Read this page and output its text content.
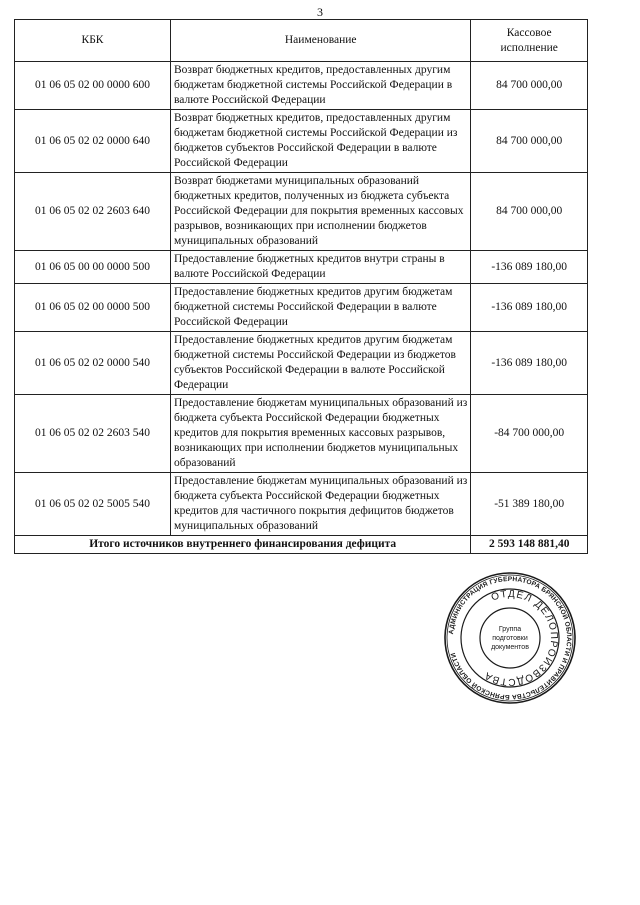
3
КБК	Наименование	Кассовое
исполнение

01 06 05 02 00 0000 600	Возврат бюджетных кредитов, предоставленных другим бюджетам бюджетной системы Российской Федерации в валюте Российской Федерации	84 700 000,00
01 06 05 02 02 0000 640	Возврат бюджетных кредитов, предоставленных другим бюджетам бюджетной системы Российской Федерации из бюджетов субъектов Российской Федерации в валюте Российской Федерации	84 700 000,00
01 06 05 02 02 2603 640	Возврат бюджетами муниципальных образований бюджетных кредитов, полученных из бюджета субъекта Российской Федерации для покрытия временных кассовых разрывов, возникающих при исполнении бюджетов муниципальных образований	84 700 000,00
01 06 05 00 00 0000 500	Предоставление бюджетных кредитов внутри страны в валюте Российской Федерации	-136 089 180,00
01 06 05 02 00 0000 500	Предоставление бюджетных кредитов другим бюджетам бюджетной системы Российской Федерации в валюте Российской Федерации	-136 089 180,00
01 06 05 02 02 0000 540	Предоставление бюджетных кредитов другим бюджетам бюджетной системы Российской Федерации из бюджетов субъектов Российской Федерации в валюте Российской Федерации	-136 089 180,00
01 06 05 02 02 2603 540	Предоставление бюджетам муниципальных образований из бюджета субъекта Российской Федерации бюджетных кредитов для покрытия временных кассовых разрывов, возникающих при исполнении бюджетов муниципальных образований	-84 700 000,00
01 06 05 02 02 5005 540	Предоставление бюджетам муниципальных образований из бюджета субъекта Российской Федерации бюджетных кредитов для частичного покрытия дефицитов бюджетов муниципальных образований	-51 389 180,00
Итого источников внутреннего финансирования дефицита		2 593 148 881,40
АДМИНИСТРАЦИЯ ГУБЕРНАТОРА БРЯНСКОЙ ОБЛАСТИ И ПРАВИТЕЛЬСТВА БРЯНСКОЙ ОБЛАСТИ
ОТДЕЛ ДЕЛОПРОИЗВОДСТВА
Группа
подготовки
документов
